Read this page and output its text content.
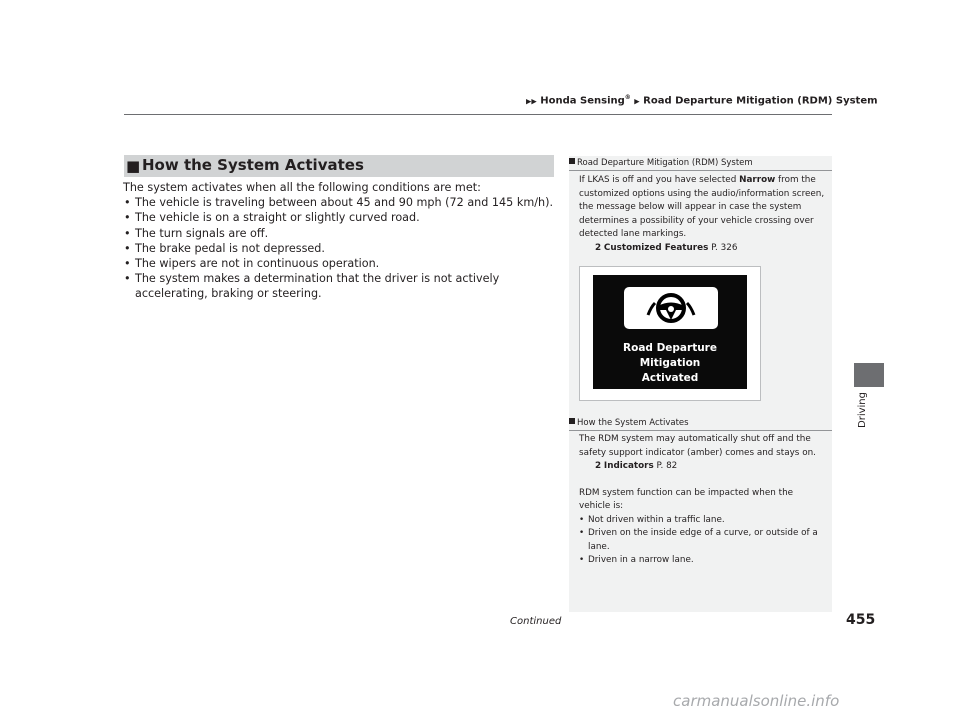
▶▶ Honda Sensing® ▶ Road Departure Mitigation (RDM) System
Driving
■ How the System Activates

The system activates when all the following conditions are met:

• The vehicle is traveling between about 45 and 90 mph (72 and 145 km/h).
• The vehicle is on a straight or slightly curved road.
• The turn signals are off.
• The brake pedal is not depressed.
• The wipers are not in continuous operation.
• The system makes a determination that the driver is not actively accelerating, braking or steering.
Road Departure Mitigation (RDM) System

If LKAS is off and you have selected Narrow from the customized options using the audio/information screen, the message below will appear in case the system determines a possibility of your vehicle crossing over detected lane markings.

2 Customized Features P. 326

Road Departure Mitigation
Activated
How the System Activates

The RDM system may automatically shut off and the safety support indicator (amber) comes and stays on.

2 Indicators P. 82

RDM system function can be impacted when the vehicle is:

• Not driven within a traffic lane.
• Driven on the inside edge of a curve, or outside of a lane.
• Driven in a narrow lane.
Continued	455
carmanualsonline.info
